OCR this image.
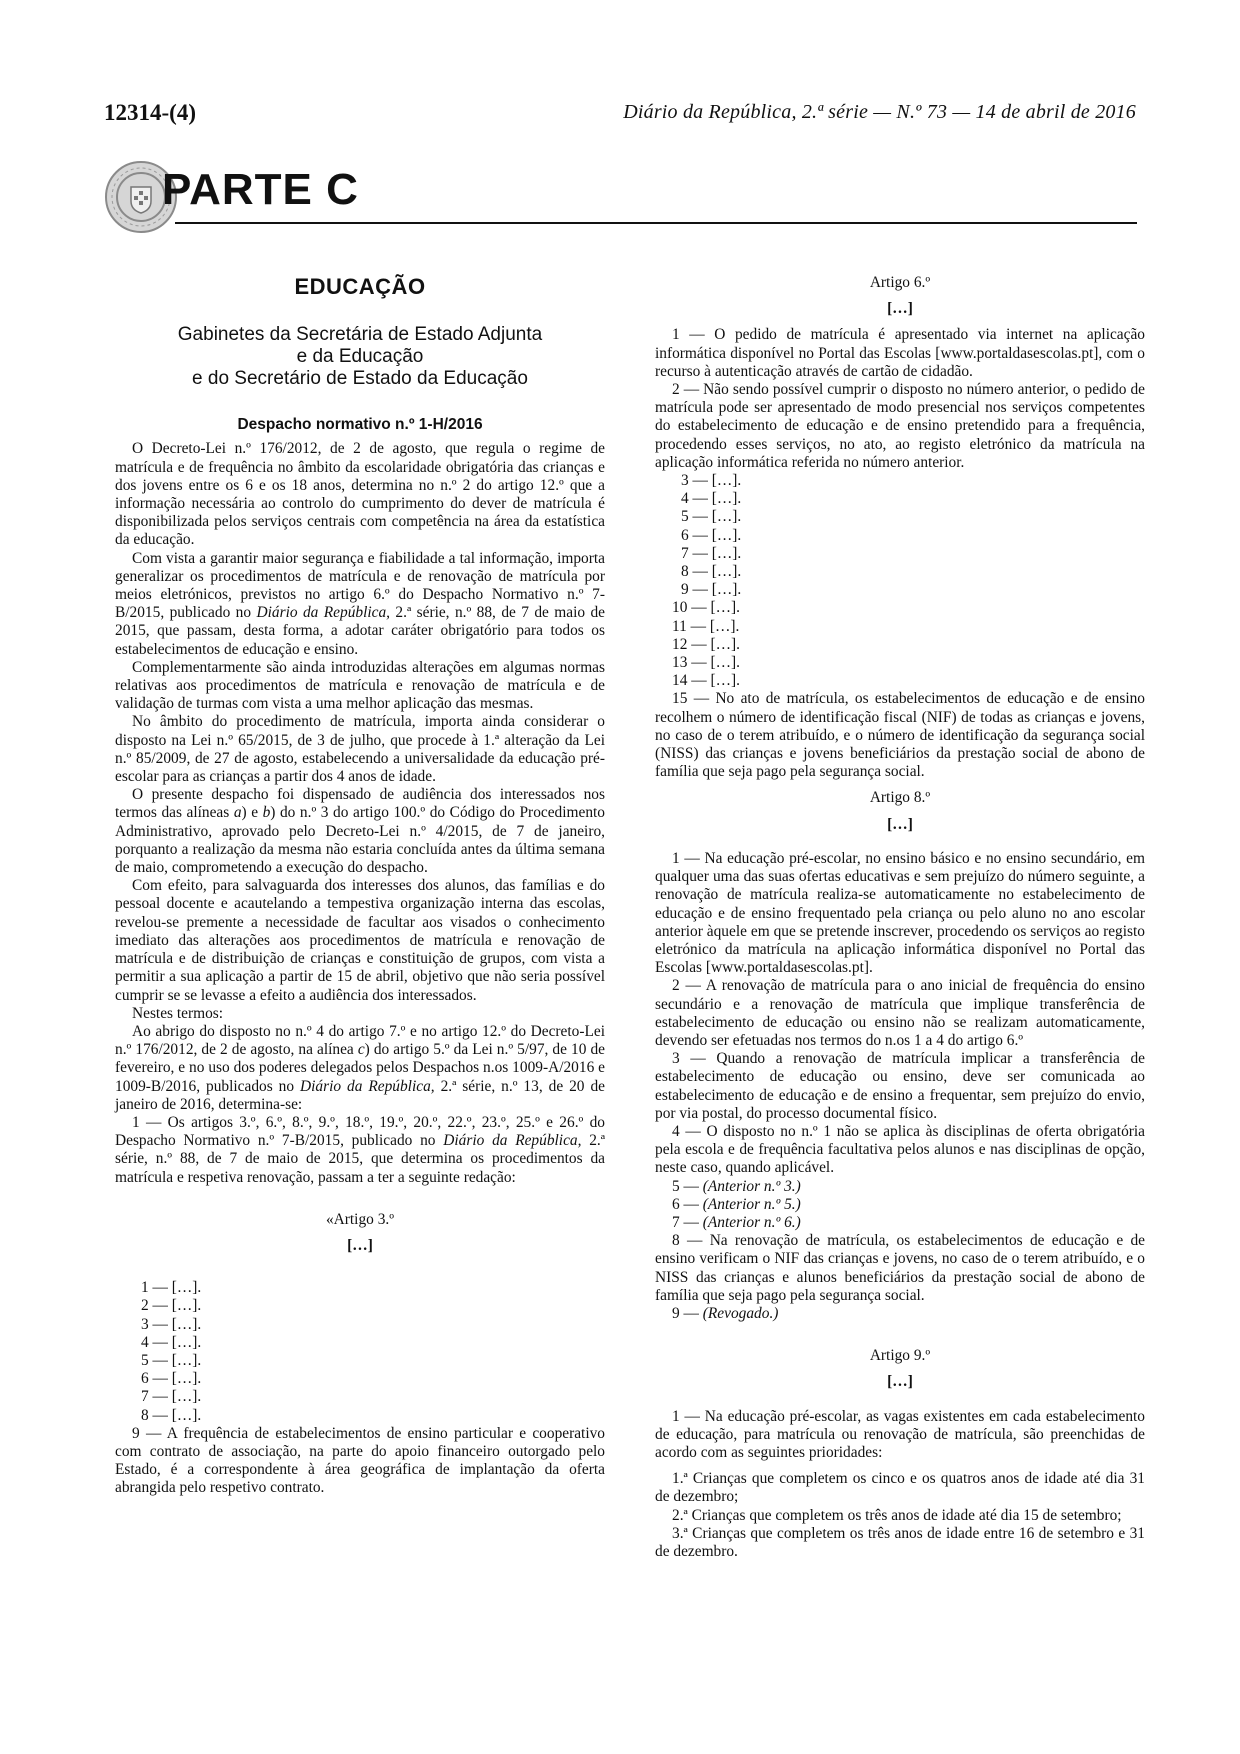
12314-(4)	Diário da República, 2.ª série — N.º 73 — 14 de abril de 2016
PARTE C
EDUCAÇÃO
Gabinetes da Secretária de Estado Adjunta
e da Educação
e do Secretário de Estado da Educação
Despacho normativo n.º 1-H/2016

O Decreto-Lei n.º 176/2012, de 2 de agosto, que regula o regime de matrícula e de frequência no âmbito da escolaridade obrigatória das crianças e dos jovens entre os 6 e os 18 anos, determina no n.º 2 do artigo 12.º que a informação necessária ao controlo do cumprimento do dever de matrícula é disponibilizada pelos serviços centrais com competência na área da estatística da educação.

Com vista a garantir maior segurança e fiabilidade a tal informação, importa generalizar os procedimentos de matrícula e de renovação de matrícula por meios eletrónicos, previstos no artigo 6.º do Despacho Normativo n.º 7-B/2015, publicado no Diário da República, 2.ª série, n.º 88, de 7 de maio de 2015, que passam, desta forma, a adotar caráter obrigatório para todos os estabelecimentos de educação e ensino.

Complementarmente são ainda introduzidas alterações em algumas normas relativas aos procedimentos de matrícula e renovação de matrícula e de validação de turmas com vista a uma melhor aplicação das mesmas.

No âmbito do procedimento de matrícula, importa ainda considerar o disposto na Lei n.º 65/2015, de 3 de julho, que procede à 1.ª alteração da Lei n.º 85/2009, de 27 de agosto, estabelecendo a universalidade da educação pré-escolar para as crianças a partir dos 4 anos de idade.

O presente despacho foi dispensado de audiência dos interessados nos termos das alíneas a) e b) do n.º 3 do artigo 100.º do Código do Procedimento Administrativo, aprovado pelo Decreto-Lei n.º 4/2015, de 7 de janeiro, porquanto a realização da mesma não estaria concluída antes da última semana de maio, comprometendo a execução do despacho.

Com efeito, para salvaguarda dos interesses dos alunos, das famílias e do pessoal docente e acautelando a tempestiva organização interna das escolas, revelou-se premente a necessidade de facultar aos visados o conhecimento imediato das alterações aos procedimentos de matrícula e renovação de matrícula e de distribuição de crianças e constituição de grupos, com vista a permitir a sua aplicação a partir de 15 de abril, objetivo que não seria possível cumprir se se levasse a efeito a audiência dos interessados.

Nestes termos:

Ao abrigo do disposto no n.º 4 do artigo 7.º e no artigo 12.º do Decreto-Lei n.º 176/2012, de 2 de agosto, na alínea c) do artigo 5.º da Lei n.º 5/97, de 10 de fevereiro, e no uso dos poderes delegados pelos Despachos n.os 1009-A/2016 e 1009-B/2016, publicados no Diário da República, 2.ª série, n.º 13, de 20 de janeiro de 2016, determina-se:

1 — Os artigos 3.º, 6.º, 8.º, 9.º, 18.º, 19.º, 20.º, 22.º, 23.º, 25.º e 26.º do Despacho Normativo n.º 7-B/2015, publicado no Diário da República, 2.ª série, n.º 88, de 7 de maio de 2015, que determina os procedimentos da matrícula e respetiva renovação, passam a ter a seguinte redação:

«Artigo 3.º

[…]

1 — […].

2 — […].

3 — […].

4 — […].

5 — […].

6 — […].

7 — […].

8 — […].

9 — A frequência de estabelecimentos de ensino particular e cooperativo com contrato de associação, na parte do apoio financeiro outorgado pelo Estado, é a correspondente à área geográfica de implantação da oferta abrangida pelo respetivo contrato.

Artigo 6.º

[…]

1 — O pedido de matrícula é apresentado via internet na aplicação informática disponível no Portal das Escolas [www.portaldasescolas.pt], com o recurso à autenticação através de cartão de cidadão.

2 — Não sendo possível cumprir o disposto no número anterior, o pedido de matrícula pode ser apresentado de modo presencial nos serviços competentes do estabelecimento de educação e de ensino pretendido para a frequência, procedendo esses serviços, no ato, ao registo eletrónico da matrícula na aplicação informática referida no número anterior.

3 — […].

4 — […].

5 — […].

6 — […].

7 — […].

8 — […].

9 — […].

10 — […].

11 — […].

12 — […].

13 — […].

14 — […].

15 — No ato de matrícula, os estabelecimentos de educação e de ensino recolhem o número de identificação fiscal (NIF) de todas as crianças e jovens, no caso de o terem atribuído, e o número de identificação da segurança social (NISS) das crianças e jovens beneficiários da prestação social de abono de família que seja pago pela segurança social.

Artigo 8.º

[…]

1 — Na educação pré-escolar, no ensino básico e no ensino secundário, em qualquer uma das suas ofertas educativas e sem prejuízo do número seguinte, a renovação de matrícula realiza-se automaticamente no estabelecimento de educação e de ensino frequentado pela criança ou pelo aluno no ano escolar anterior àquele em que se pretende inscrever, procedendo os serviços ao registo eletrónico da matrícula na aplicação informática disponível no Portal das Escolas [www.portaldasescolas.pt].

2 — A renovação de matrícula para o ano inicial de frequência do ensino secundário e a renovação de matrícula que implique transferência de estabelecimento de educação ou ensino não se realizam automaticamente, devendo ser efetuadas nos termos do n.os 1 a 4 do artigo 6.º

3 — Quando a renovação de matrícula implicar a transferência de estabelecimento de educação ou ensino, deve ser comunicada ao estabelecimento de educação e de ensino a frequentar, sem prejuízo do envio, por via postal, do processo documental físico.

4 — O disposto no n.º 1 não se aplica às disciplinas de oferta obrigatória pela escola e de frequência facultativa pelos alunos e nas disciplinas de opção, neste caso, quando aplicável.

5 — (Anterior n.º 3.)

6 — (Anterior n.º 5.)

7 — (Anterior n.º 6.)

8 — Na renovação de matrícula, os estabelecimentos de educação e de ensino verificam o NIF das crianças e jovens, no caso de o terem atribuído, e o NISS das crianças e alunos beneficiários da prestação social de abono de família que seja pago pela segurança social.

9 — (Revogado.)

Artigo 9.º

[…]

1 — Na educação pré-escolar, as vagas existentes em cada estabelecimento de educação, para matrícula ou renovação de matrícula, são preenchidas de acordo com as seguintes prioridades:

1.ª Crianças que completem os cinco e os quatros anos de idade até dia 31 de dezembro;

2.ª Crianças que completem os três anos de idade até dia 15 de setembro;

3.ª Crianças que completem os três anos de idade entre 16 de setembro e 31 de dezembro.
